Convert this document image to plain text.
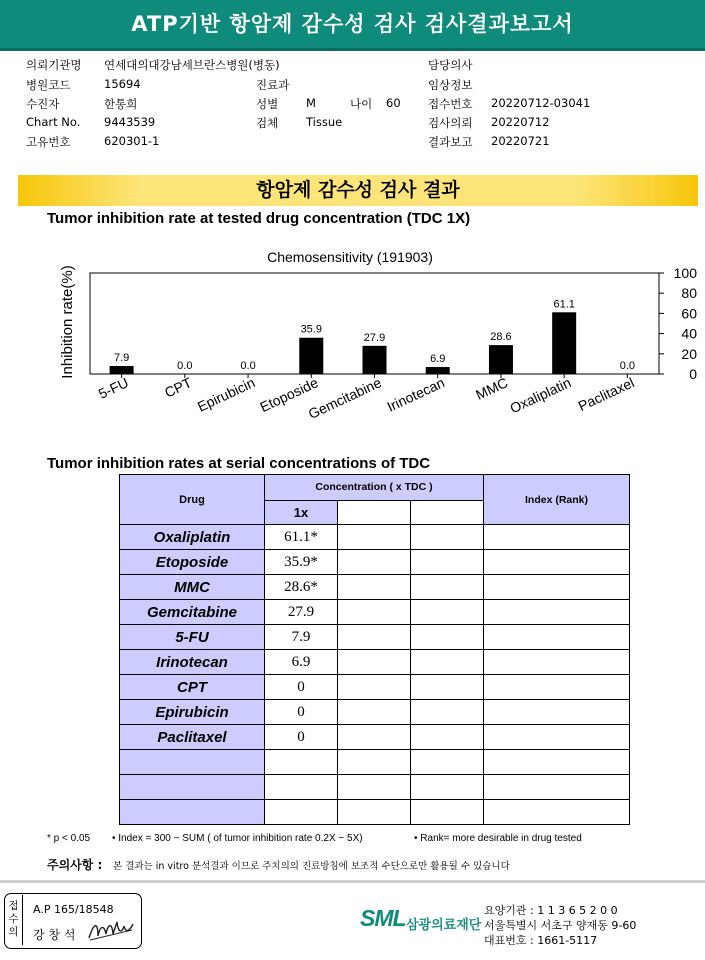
ATP기반 항암제 감수성 검사 검사결과보고서
의뢰기관명 연세대의대강남세브란스병원(병동)
병원코드	15694	진료과
수진자	한통희	성별 M	나이 60
Chart No. 9443539	검체 Tissue
고유번호	620301-1
담당의사
임상정보
접수번호 20220712-03041
검사의뢰 20220712
결과보고 20220721
항암제 감수성 검사 결과
Tumor inhibition rate at tested drug concentration (TDC 1X)
Chemosensitivity (191903)
Inhibition rate(%)	0
20
40
60
80
100
7.9
5-FU
0.0
CPT
0.0
Epirubicin
35.9
Etoposide
27.9
Gemcitabine
6.9
Irinotecan
28.6
MMC
61.1
Oxaliplatin
0.0
Paclitaxel
Tumor inhibition rates at serial concentrations of TDC
Drug	Concentration ( x TDC )			Index (Rank)
	1x			
Oxaliplatin	61.1*			
Etoposide	35.9*			
MMC	28.6*			
Gemcitabine	27.9			
5-FU	7.9			
Irinotecan	6.9			
CPT	0			
Epirubicin	0			
Paclitaxel	0			

* p < 0.05 • Index = 300 − SUM ( of tumor inhibition rate 0.2X − 5X)	• Rank= more desirable in drug tested
주의사항 : 본 결과는 in vitro 분석결과 이므로 주치의의 진료방침에 보조적 수단으로만 활용될 수 있습니다
접수의
A.P 165/18548
강 창 석
SML 삼광의료재단
요양기관 : 1 1 3 6 5 2 0 0
서울특별시 서초구 양재동 9-60
대표번호 : 1661-5117
